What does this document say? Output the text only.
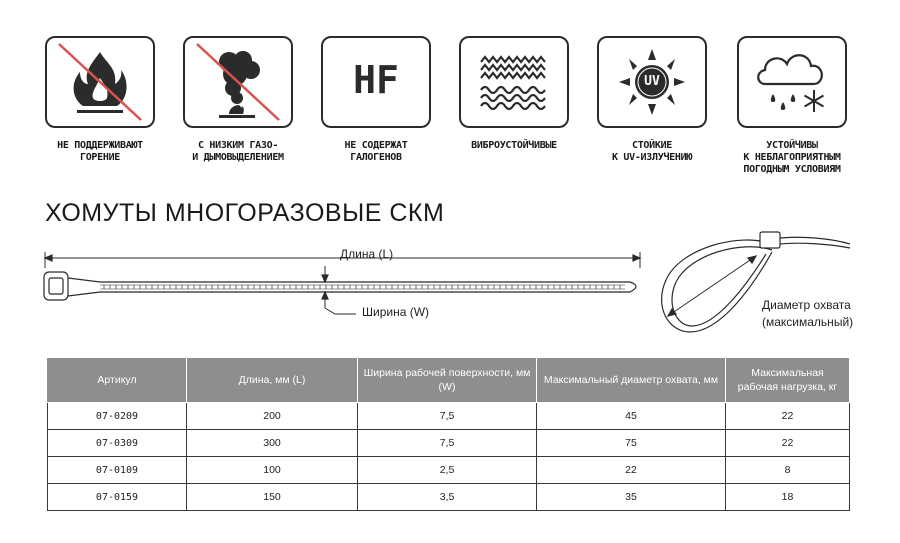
НЕ ПОДДЕРЖИВАЮТ
ГОРЕНИЕ
С НИЗКИМ ГАЗО-
И ДЫМОВЫДЕЛЕНИЕМ
HF
НЕ СОДЕРЖАТ
ГАЛОГЕНОВ
ВИБРОУСТОЙЧИВЫЕ
UV
СТОЙКИЕ
К UV-ИЗЛУЧЕНИЮ
УСТОЙЧИВЫ
К НЕБЛАГОПРИЯТНЫМ
ПОГОДНЫМ УСЛОВИЯМ
ХОМУТЫ МНОГОРАЗОВЫЕ СКМ
Длина (L)
Ширина (W)	Диаметр охвата
(максимальный)
Артикул	Длина, мм (L)	Ширина рабочей поверхности, мм (W)	Максимальный диаметр охвата, мм	Максимальная рабочая нагрузка, кг
07-0209	200	7,5	45	22
07-0309	300	7,5	75	22
07-0109	100	2,5	22	8
07-0159	150	3,5	35	18
